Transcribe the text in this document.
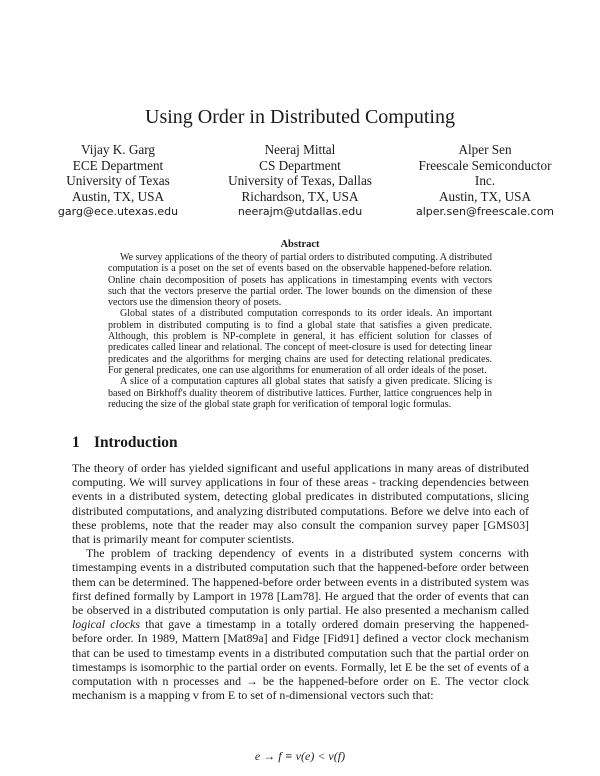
Using Order in Distributed Computing
Vijay K. Garg
ECE Department
University of Texas
Austin, TX, USA
garg@ece.utexas.edu
Neeraj Mittal
CS Department
University of Texas, Dallas
Richardson, TX, USA
neerajm@utdallas.edu
Alper Sen
Freescale Semiconductor
Inc.
Austin, TX, USA
alper.sen@freescale.com
Abstract

We survey applications of the theory of partial orders to distributed computing. A distributed computation is a poset on the set of events based on the observable happened-before relation. Online chain decomposition of posets has applications in timestamping events with vectors such that the vectors preserve the partial order. The lower bounds on the dimension of these vectors use the dimension theory of posets.

Global states of a distributed computation corresponds to its order ideals. An important problem in distributed computing is to find a global state that satisfies a given predicate. Although, this problem is NP-complete in general, it has efficient solution for classes of predicates called linear and relational. The concept of meet-closure is used for detecting linear predicates and the algorithms for merging chains are used for detecting relational predicates. For general predicates, one can use algorithms for enumeration of all order ideals of the poset.

A slice of a computation captures all global states that satisfy a given predicate. Slicing is based on Birkhoff's duality theorem of distributive lattices. Further, lattice congruences help in reducing the size of the global state graph for verification of temporal logic formulas.

1 Introduction

The theory of order has yielded significant and useful applications in many areas of distributed computing. We will survey applications in four of these areas - tracking dependencies between events in a distributed system, detecting global predicates in distributed computations, slicing distributed computations, and analyzing distributed computations. Before we delve into each of these problems, note that the reader may also consult the companion survey paper [GMS03] that is primarily meant for computer scientists.

The problem of tracking dependency of events in a distributed system concerns with timestamping events in a distributed computation such that the happened-before order between them can be determined. The happened-before order between events in a distributed system was first defined formally by Lamport in 1978 [Lam78]. He argued that the order of events that can be observed in a distributed computation is only partial. He also presented a mechanism called logical clocks that gave a timestamp in a totally ordered domain preserving the happened-before order. In 1989, Mattern [Mat89a] and Fidge [Fid91] defined a vector clock mechanism that can be used to timestamp events in a distributed computation such that the partial order on timestamps is isomorphic to the partial order on events. Formally, let E be the set of events of a computation with n processes and → be the happened-before order on E. The vector clock mechanism is a mapping v from E to set of n-dimensional vectors such that:

e → f ≡ v(e) < v(f)
